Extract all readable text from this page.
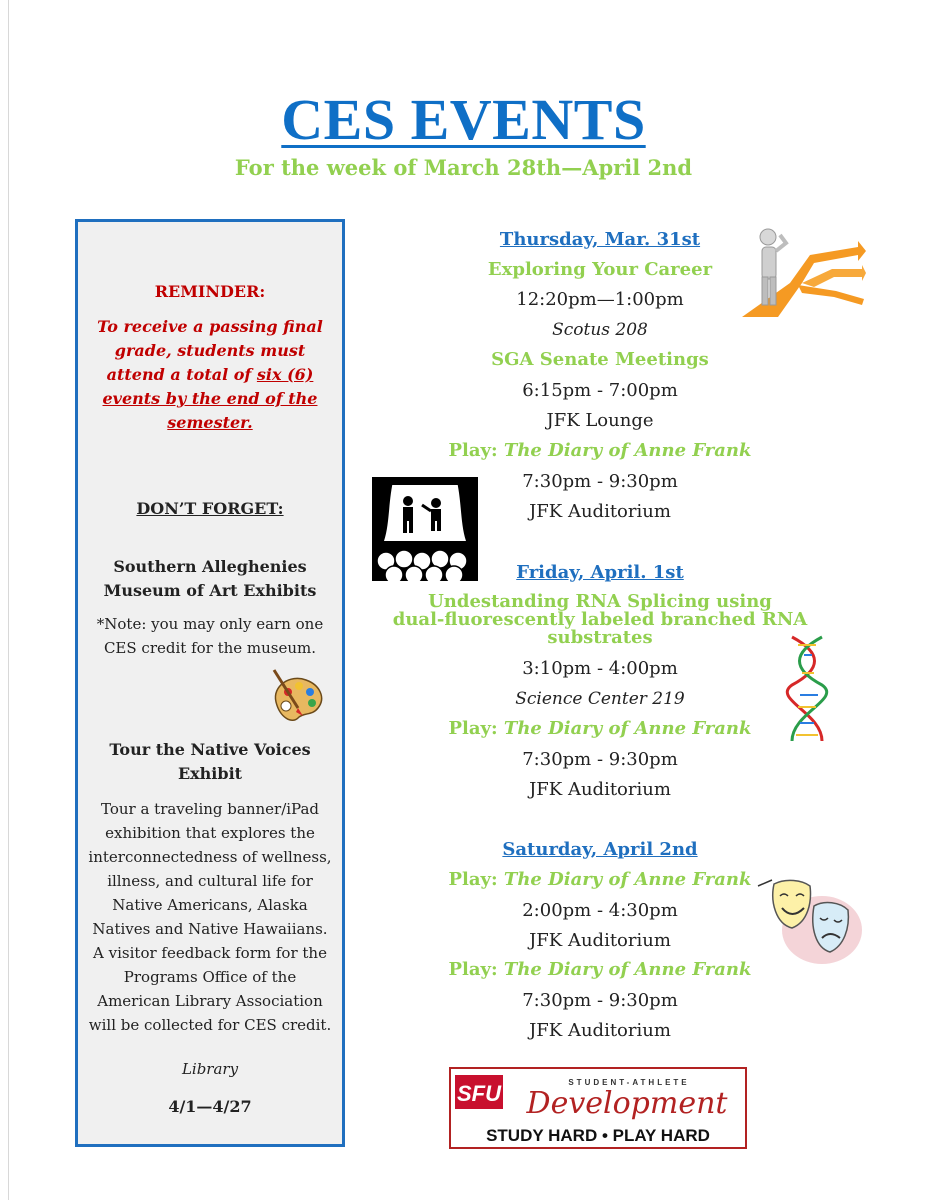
CES EVENTS
For the week of March 28th—April 2nd
REMINDER:
To receive a passing final grade, students must attend a total of six (6) events by the end of the semester.
DON’T FORGET:
Southern Alleghenies Museum of Art Exhibits
*Note: you may only earn one CES credit for the museum.
Tour the Native Voices Exhibit
Tour a traveling banner/iPad exhibition that explores the interconnectedness of wellness, illness, and cultural life for Native Americans, Alaska Natives and Native Hawaiians. A visitor feedback form for the Programs Office of the American Library Association will be collected for CES credit.
Library
4/1—4/27
Thursday, Mar. 31st
Exploring Your Career
12:20pm—1:00pm
Scotus 208
SGA Senate Meetings
6:15pm - 7:00pm
JFK Lounge
Play: The Diary of Anne Frank
7:30pm - 9:30pm
JFK Auditorium
Friday, April. 1st
Undestanding RNA Splicing using
dual-fluorescently labeled branched RNA
substrates
3:10pm - 4:00pm
Science Center 219
Play: The Diary of Anne Frank
7:30pm - 9:30pm
JFK Auditorium
Saturday, April 2nd
Play: The Diary of Anne Frank
2:00pm - 4:30pm
JFK Auditorium
Play: The Diary of Anne Frank
7:30pm - 9:30pm
JFK Auditorium
SFU	STUDENT-ATHLETE
Development
STUDY HARD • PLAY HARD
